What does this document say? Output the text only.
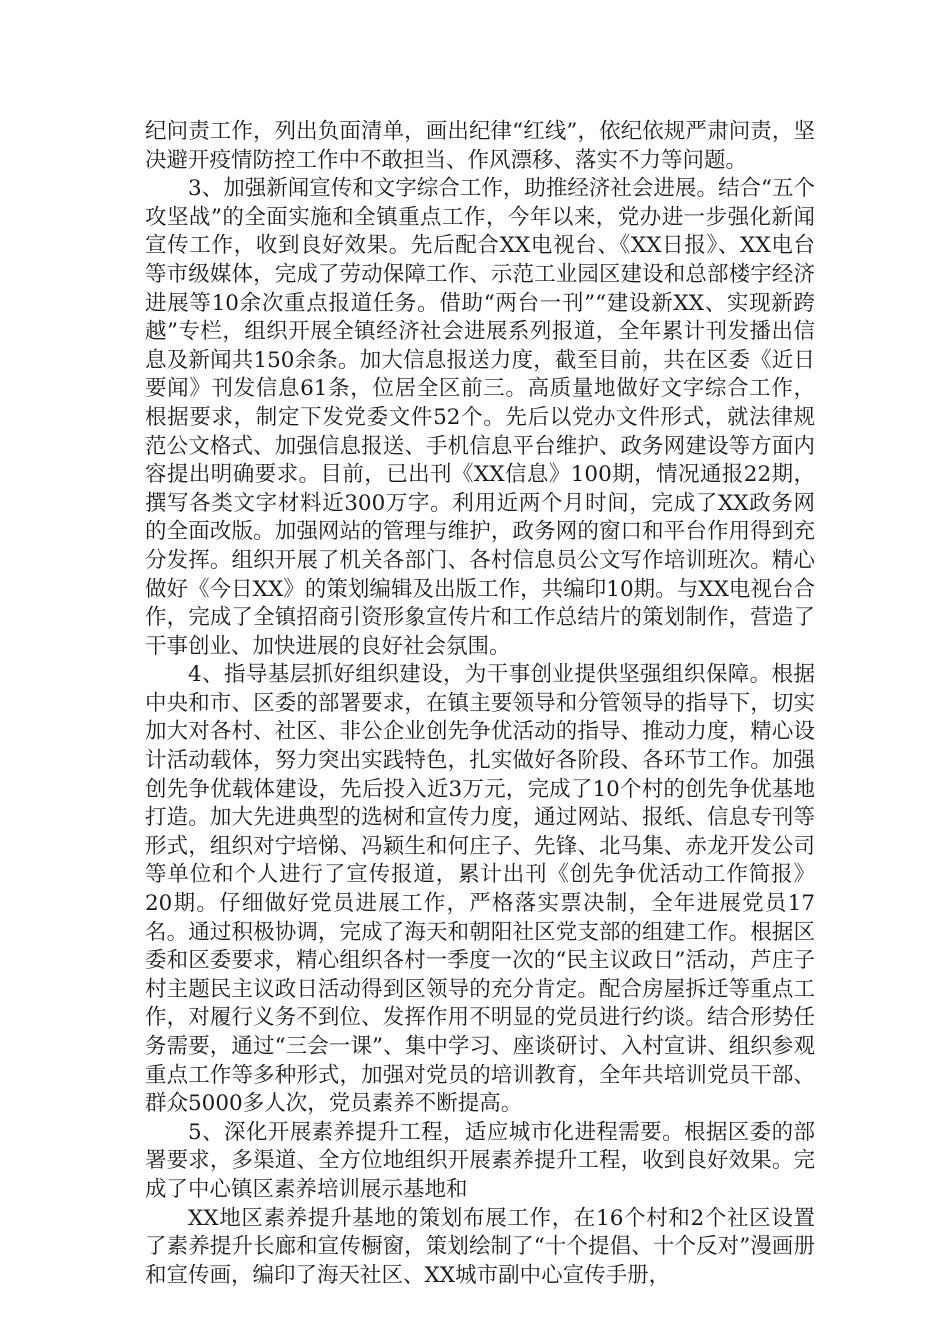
纪问责工作，列出负面清单，画出纪律“红线”，依纪依规严肃问责，坚决避开疫情防控工作中不敢担当、作风漂移、落实不力等问题。

3、加强新闻宣传和文字综合工作，助推经济社会进展。结合“五个攻坚战”的全面实施和全镇重点工作，今年以来，党办进一步强化新闻宣传工作，收到良好效果。先后配合XX电视台、《XX日报》、XX电台等市级媒体，完成了劳动保障工作、示范工业园区建设和总部楼宇经济进展等10余次重点报道任务。借助“两台一刊”“建设新XX、实现新跨越”专栏，组织开展全镇经济社会进展系列报道，全年累计刊发播出信息及新闻共150余条。加大信息报送力度，截至目前，共在区委《近日要闻》刊发信息61条，位居全区前三。高质量地做好文字综合工作，根据要求，制定下发党委文件52个。先后以党办文件形式，就法律规范公文格式、加强信息报送、手机信息平台维护、政务网建设等方面内容提出明确要求。目前，已出刊《XX信息》100期，情况通报22期，撰写各类文字材料近300万字。利用近两个月时间，完成了XX政务网的全面改版。加强网站的管理与维护，政务网的窗口和平台作用得到充分发挥。组织开展了机关各部门、各村信息员公文写作培训班次。精心做好《今日XX》的策划编辑及出版工作，共编印10期。与XX电视台合作，完成了全镇招商引资形象宣传片和工作总结片的策划制作，营造了干事创业、加快进展的良好社会氛围。

4、指导基层抓好组织建设，为干事创业提供坚强组织保障。根据中央和市、区委的部署要求，在镇主要领导和分管领导的指导下，切实加大对各村、社区、非公企业创先争优活动的指导、推动力度，精心设计活动载体，努力突出实践特色，扎实做好各阶段、各环节工作。加强创先争优载体建设，先后投入近3万元，完成了10个村的创先争优基地打造。加大先进典型的选树和宣传力度，通过网站、报纸、信息专刊等形式，组织对宁培悌、冯颖生和何庄子、先锋、北马集、赤龙开发公司等单位和个人进行了宣传报道，累计出刊《创先争优活动工作简报》20期。仔细做好党员进展工作，严格落实票决制，全年进展党员17名。通过积极协调，完成了海天和朝阳社区党支部的组建工作。根据区委和区委要求，精心组织各村一季度一次的“民主议政日”活动，芦庄子村主题民主议政日活动得到区领导的充分肯定。配合房屋拆迁等重点工作，对履行义务不到位、发挥作用不明显的党员进行约谈。结合形势任务需要，通过“三会一课”、集中学习、座谈研讨、入村宣讲、组织参观重点工作等多种形式，加强对党员的培训教育，全年共培训党员干部、群众5000多人次，党员素养不断提高。

5、深化开展素养提升工程，适应城市化进程需要。根据区委的部署要求，多渠道、全方位地组织开展素养提升工程，收到良好效果。完成了中心镇区素养培训展示基地和

XX地区素养提升基地的策划布展工作，在16个村和2个社区设置了素养提升长廊和宣传橱窗，策划绘制了“十个提倡、十个反对”漫画册和宣传画，编印了海天社区、XX城市副中心宣传手册，
